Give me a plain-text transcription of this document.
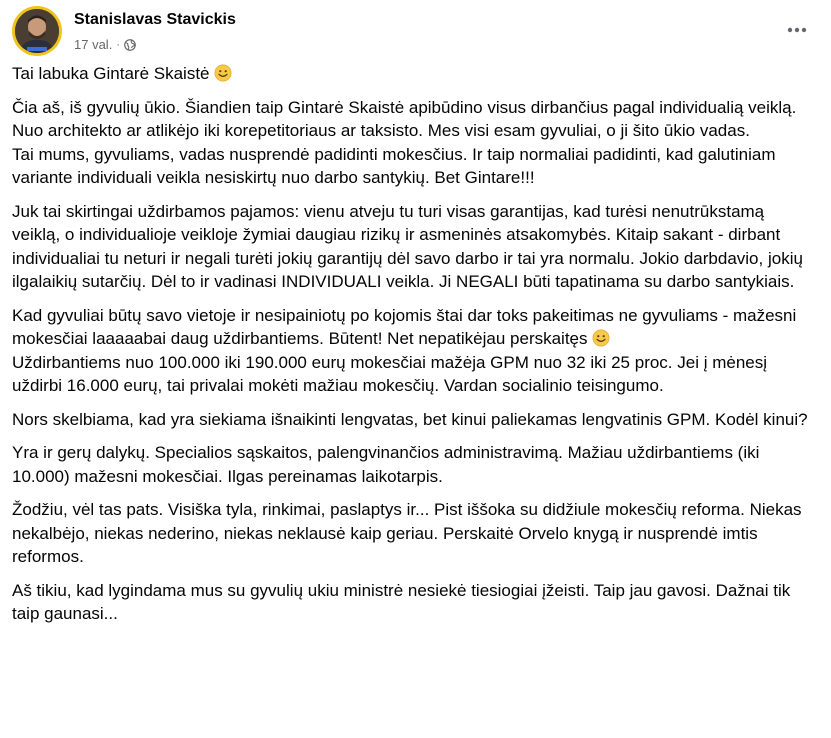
Stanislavas Stavickis
17 val. ·

Tai labuka Gintarė Skaistė

Čia aš, iš gyvulių ūkio. Šiandien taip Gintarė Skaistė apibūdino visus dirbančius pagal individualią veiklą. Nuo architekto ar atlikėjo iki korepetitoriaus ar taksisto. Mes visi esam gyvuliai, o ji šito ūkio vadas.
Tai mums, gyvuliams, vadas nusprendė padidinti mokesčius. Ir taip normaliai padidinti, kad galutiniam variante individuali veikla nesiskirtų nuo darbo santykių. Bet Gintare!!!

Juk tai skirtingai uždirbamos pajamos: vienu atveju tu turi visas garantijas, kad turėsi nenutrūkstamą veiklą, o individualioje veikloje žymiai daugiau rizikų ir asmeninės atsakomybės. Kitaip sakant - dirbant individualiai tu neturi ir negali turėti jokių garantijų dėl savo darbo ir tai yra normalu. Jokio darbdavio, jokių ilgalaikių sutarčių. Dėl to ir vadinasi INDIVIDUALI veikla. Ji NEGALI būti tapatinama su darbo santykiais.

Kad gyvuliai būtų savo vietoje ir nesipainiotų po kojomis štai dar toks pakeitimas ne gyvuliams - mažesni mokesčiai laaaaabai daug uždirbantiems. Būtent! Net nepatikėjau perskaitęs
Uždirbantiems nuo 100.000 iki 190.000 eurų mokesčiai mažėja GPM nuo 32 iki 25 proc. Jei į mėnesį uždirbi 16.000 eurų, tai privalai mokėti mažiau mokesčių. Vardan socialinio teisingumo.

Nors skelbiama, kad yra siekiama išnaikinti lengvatas, bet kinui paliekamas lengvatinis GPM. Kodėl kinui?

Yra ir gerų dalykų. Specialios sąskaitos, palengvinančios administravimą. Mažiau uždirbantiems (iki 10.000) mažesni mokesčiai. Ilgas pereinamas laikotarpis.

Žodžiu, vėl tas pats. Visiška tyla, rinkimai, paslaptys ir... Pist iššoka su didžiule mokesčių reforma. Niekas nekalbėjo, niekas nederino, niekas neklausė kaip geriau. Perskaitė Orvelo knygą ir nusprendė imtis reformos.

Aš tikiu, kad lygindama mus su gyvulių ukiu ministrė nesiekė tiesiogiai įžeisti. Taip jau gavosi. Dažnai tik taip gaunasi...
